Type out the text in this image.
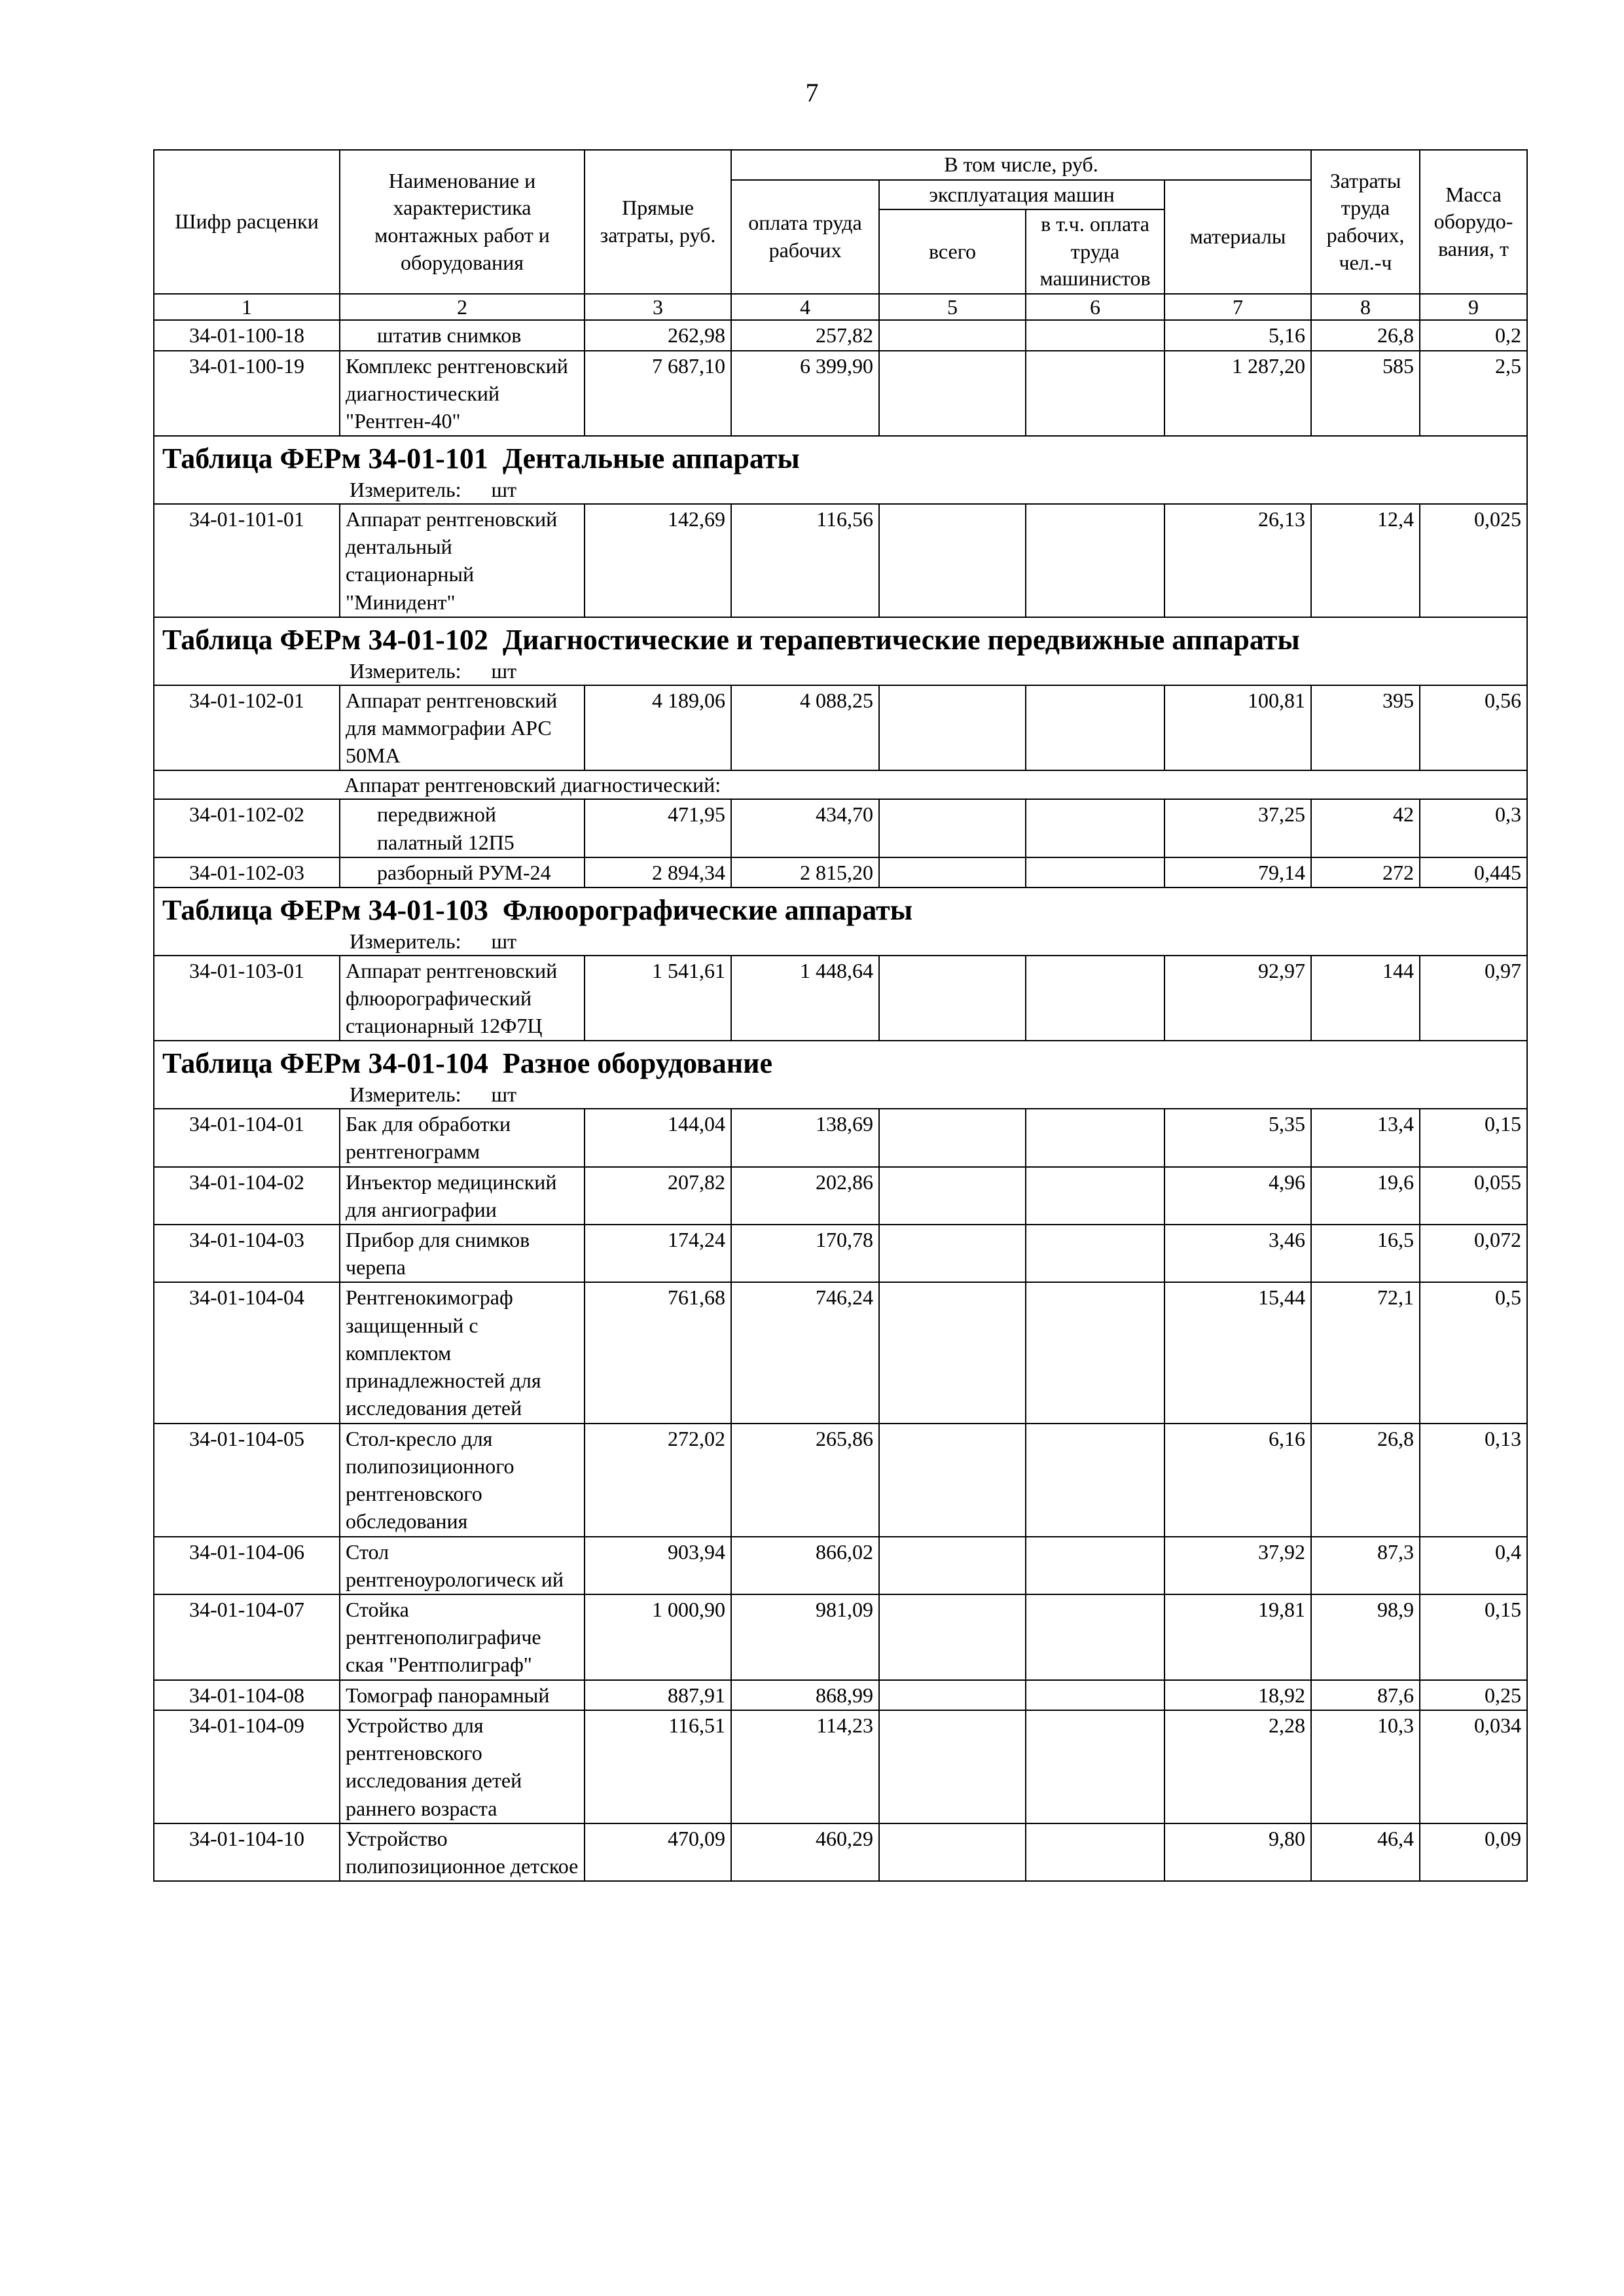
7
Шифр расценки	Наименование и характеристика монтажных работ и оборудования	Прямые затраты, руб.	В том числе, руб.				Затраты труда рабочих, чел.-ч	Масса оборудо-вания, т
			оплата труда рабочих	эксплуатация машин		материалы		
				всего	в т.ч. оплата труда машинистов			
1	2	3	4	5	6	7	8	9
34-01-100-18	штатив снимков	262,98	257,82			5,16	26,8	0,2
34-01-100-19	Комплекс рентгеновский диагностический "Рентген-40"	7 687,10	6 399,90			1 287,20	585	2,5

Таблица ФЕРм 34-01-101 Дентальные аппараты
Измеритель: шт								

34-01-101-01	Аппарат рентгеновский дентальный стационарный "Минидент"	142,69	116,56			26,13	12,4	0,025

Таблица ФЕРм 34-01-102 Диагностические и терапевтические передвижные аппараты
Измеритель: шт								

34-01-102-01	Аппарат рентгеновский для маммографии АРС 50МА	4 189,06	4 088,25			100,81	395	0,56
Аппарат рентгеновский диагностический:								
34-01-102-02	передвижной палатный 12П5	471,95	434,70			37,25	42	0,3
34-01-102-03	разборный РУМ-24	2 894,34	2 815,20			79,14	272	0,445

Таблица ФЕРм 34-01-103 Флюорографические аппараты
Измеритель: шт								

34-01-103-01	Аппарат рентгеновский флюорографический стационарный 12Ф7Ц	1 541,61	1 448,64			92,97	144	0,97

Таблица ФЕРм 34-01-104 Разное оборудование
Измеритель: шт								

34-01-104-01	Бак для обработки рентгенограмм	144,04	138,69			5,35	13,4	0,15
34-01-104-02	Инъектор медицинский для ангиографии	207,82	202,86			4,96	19,6	0,055
34-01-104-03	Прибор для снимков черепа	174,24	170,78			3,46	16,5	0,072
34-01-104-04	Рентгенокимограф защищенный с комплектом принадлежностей для исследования детей	761,68	746,24			15,44	72,1	0,5
34-01-104-05	Стол-кресло для полипозиционного рентгеновского обследования	272,02	265,86			6,16	26,8	0,13
34-01-104-06	Стол рентгеноурологическ ий	903,94	866,02			37,92	87,3	0,4
34-01-104-07	Стойка рентгенополиграфиче ская "Рентполиграф"	1 000,90	981,09			19,81	98,9	0,15
34-01-104-08	Томограф панорамный	887,91	868,99			18,92	87,6	0,25
34-01-104-09	Устройство для рентгеновского исследования детей раннего возраста	116,51	114,23			2,28	10,3	0,034
34-01-104-10	Устройство полипозиционное детское	470,09	460,29			9,80	46,4	0,09
